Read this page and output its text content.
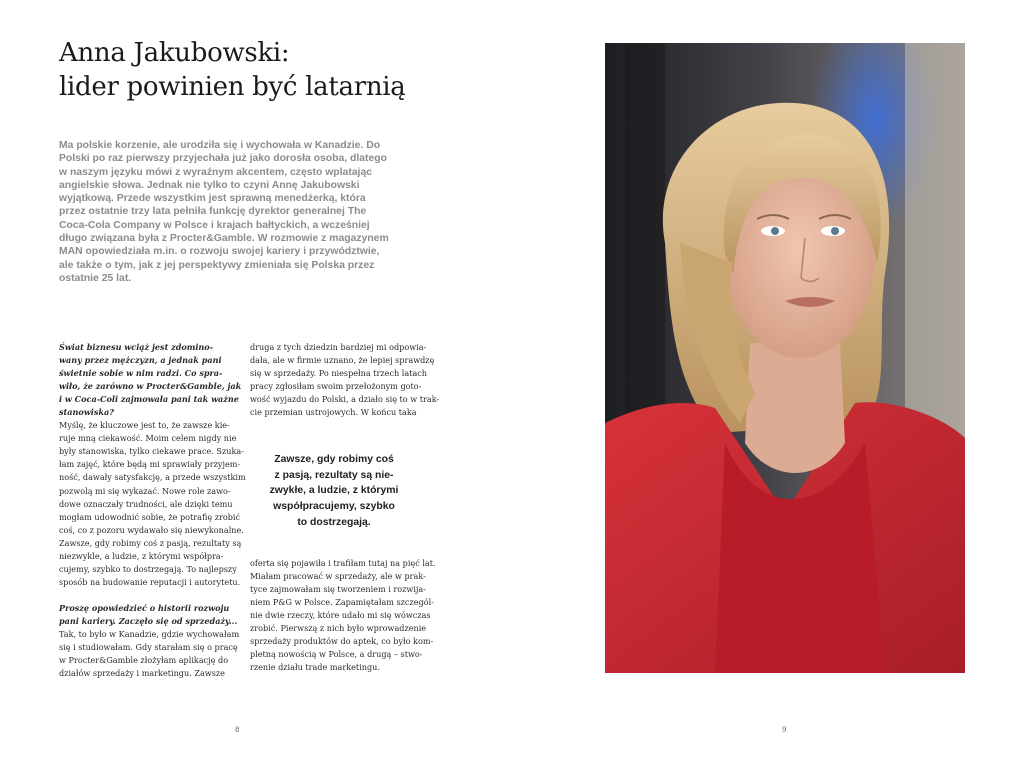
Anna Jakubowski:
lider powinien być latarnią
Ma polskie korzenie, ale urodziła się i wychowała w Kanadzie. Do
Polski po raz pierwszy przyjechała już jako dorosła osoba, dlatego
w naszym języku mówi z wyraźnym akcentem, często wplatając
angielskie słowa. Jednak nie tylko to czyni Annę Jakubowski
wyjątkową. Przede wszystkim jest sprawną menedżerką, która
przez ostatnie trzy lata pełniła funkcję dyrektor generalnej The
Coca-Cola Company w Polsce i krajach bałtyckich, a wcześniej
długo związana była z Procter&Gamble. W rozmowie z magazynem
MAN opowiedziała m.in. o rozwoju swojej kariery i przywództwie,
ale także o tym, jak z jej perspektywy zmieniała się Polska przez
ostatnie 25 lat.
Świat biznesu wciąż jest zdomino-
wany przez mężczyzn, a jednak pani
świetnie sobie w nim radzi. Co spra-
wiło, że zarówno w Procter&Gamble, jak
i w Coca-Coli zajmowała pani tak ważne
stanowiska?
Myślę, że kluczowe jest to, że zawsze kie-
ruje mną ciekawość. Moim celem nigdy nie
były stanowiska, tylko ciekawe prace. Szuka-
łam zajęć, które będą mi sprawiały przyjem-
ność, dawały satysfakcję, a przede wszystkim
pozwolą mi się wykazać. Nowe role zawo-
dowe oznaczały trudności, ale dzięki temu
mogłam udowodnić sobie, że potrafię zrobić
coś, co z pozoru wydawało się niewykonalne.
Zawsze, gdy robimy coś z pasją, rezultaty są
niezwykle, a ludzie, z którymi współpra-
cujemy, szybko to dostrzegają. To najlepszy
sposób na budowanie reputacji i autorytetu.
Proszę opowiedzieć o historii rozwoju
pani kariery. Zaczęło się od sprzedaży...
Tak, to było w Kanadzie, gdzie wychowałam
się i studiowałam. Gdy starałam się o pracę
w Procter&Gamble złożyłam aplikację do
działów sprzedaży i marketingu. Zawsze
druga z tych dziedzin bardziej mi odpowia-
dała, ale w firmie uznano, że lepiej sprawdzę
się w sprzedaży. Po niespełna trzech latach
pracy zgłosiłam swoim przełożonym goto-
wość wyjazdu do Polski, a działo się to w trak-
cie przemian ustrojowych. W końcu taka
Zawsze, gdy robimy coś
z pasją, rezultaty są nie-
zwykłe, a ludzie, z którymi
współpracujemy, szybko
to dostrzegają.
oferta się pojawiła i trafiłam tutaj na pięć lat.
Miałam pracować w sprzedaży, ale w prak-
tyce zajmowałam się tworzeniem i rozwija-
niem P&G w Polsce. Zapamiętałam szczegól-
nie dwie rzeczy, które udało mi się wówczas
zrobić. Pierwszą z nich było wprowadzenie
sprzedaży produktów do aptek, co było kom-
pletną nowością w Polsce, a drugą – stwo-
rzenie działu trade marketingu.
8	9
